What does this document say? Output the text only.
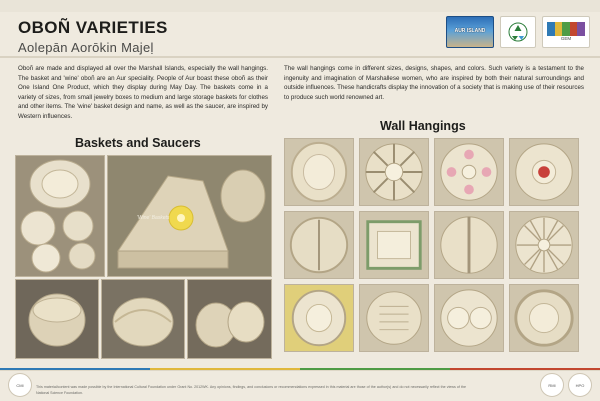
OBOÑ VARIETIES
Aolepān Aorōkin Majeḷ
AUR ISLAND
GEM
Oboñ are made and displayed all over the Marshall Islands, especially the wall hangings. The basket and 'wine' oboñ are an Aur speciality. People of Aur boast these oboñ as their One Island One Product, which they display during May Day. The baskets come in a variety of sizes, from small jewelry boxes to medium and large storage baskets for clothes and other items. The 'wine' basket design and name, as well as the saucer, are inspired by Western influences.
The wall hangings come in different sizes, designs, shapes, and colors. Such variety is a testament to the ingenuity and imagination of Marshallese women, who are inspired by both their natural surroundings and outside influences. These handicrafts display the innovation of a society that is making use of their resources to produce such world renowned art.
Baskets and Saucers
Wall Hangings
'Wine' Baskets
CMI	This material/content was made possible by the International Cultural Foundation under Grant No. 2012WK. Any opinions, findings, and conclusions or recommendations expressed in this material are those of the author(s) and do not necessarily reflect the views of the National Science Foundation.
RMI	HPO
